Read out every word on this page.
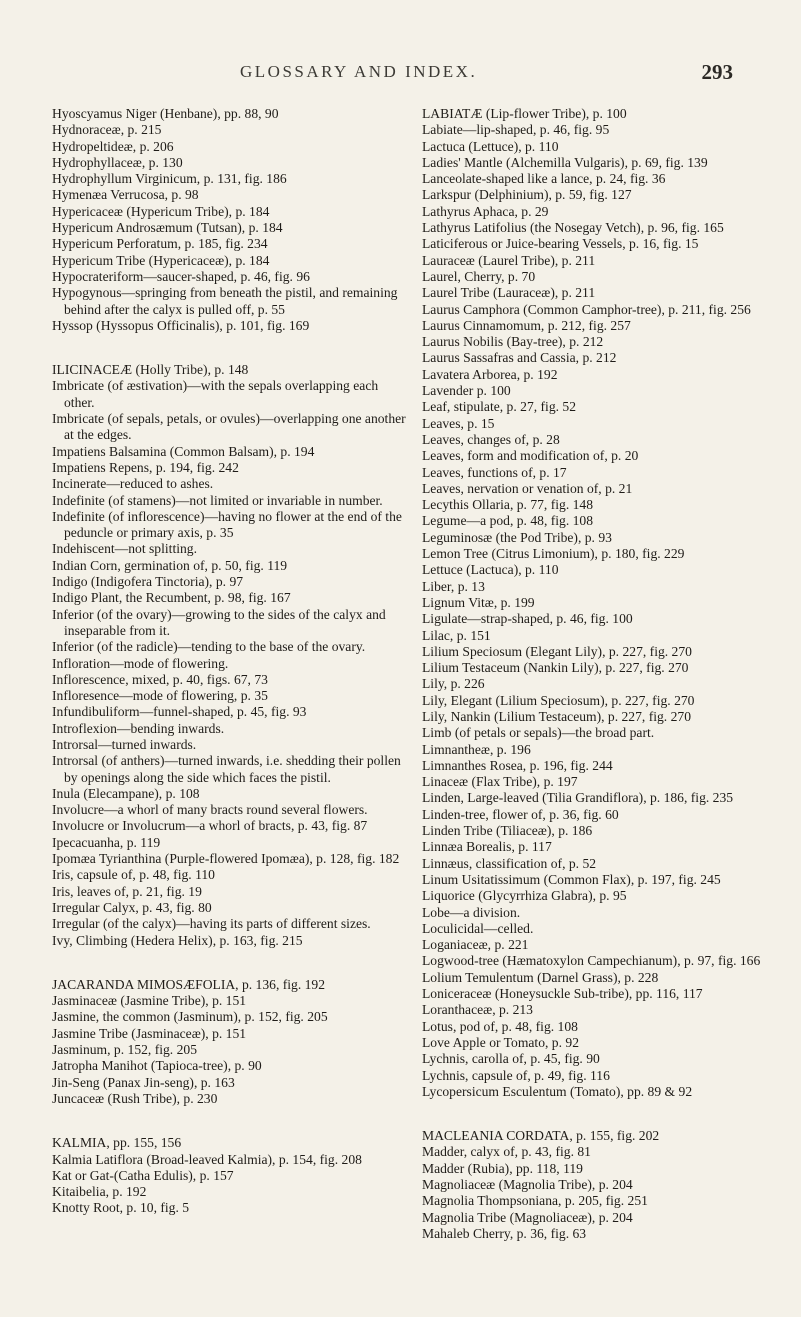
GLOSSARY AND INDEX.	293

Hyoscyamus Niger (Henbane), pp. 88, 90

Hydnoraceæ, p. 215

Hydropeltideæ, p. 206

Hydrophyllaceæ, p. 130

Hydrophyllum Virginicum, p. 131, fig. 186

Hymenæa Verrucosa, p. 98

Hypericaceæ (Hypericum Tribe), p. 184

Hypericum Androsæmum (Tutsan), p. 184

Hypericum Perforatum, p. 185, fig. 234

Hypericum Tribe (Hypericaceæ), p. 184

Hypocrateriform—saucer-shaped, p. 46, fig. 96

Hypogynous—springing from beneath the pistil, and remaining behind after the calyx is pulled off, p. 55

Hyssop (Hyssopus Officinalis), p. 101, fig. 169

ILICINACEÆ (Holly Tribe), p. 148

Imbricate (of æstivation)—with the sepals overlapping each other.

Imbricate (of sepals, petals, or ovules)—overlapping one another at the edges.

Impatiens Balsamina (Common Balsam), p. 194

Impatiens Repens, p. 194, fig. 242

Incinerate—reduced to ashes.

Indefinite (of stamens)—not limited or invariable in number.

Indefinite (of inflorescence)—having no flower at the end of the peduncle or primary axis, p. 35

Indehiscent—not splitting.

Indian Corn, germination of, p. 50, fig. 119

Indigo (Indigofera Tinctoria), p. 97

Indigo Plant, the Recumbent, p. 98, fig. 167

Inferior (of the ovary)—growing to the sides of the calyx and inseparable from it.

Inferior (of the radicle)—tending to the base of the ovary.

Infloration—mode of flowering.

Inflorescence, mixed, p. 40, figs. 67, 73

Infloresence—mode of flowering, p. 35

Infundibuliform—funnel-shaped, p. 45, fig. 93

Introflexion—bending inwards.

Introrsal—turned inwards.

Introrsal (of anthers)—turned inwards, i.e. shedding their pollen by openings along the side which faces the pistil.

Inula (Elecampane), p. 108

Involucre—a whorl of many bracts round several flowers.

Involucre or Involucrum—a whorl of bracts, p. 43, fig. 87

Ipecacuanha, p. 119

Ipomæa Tyrianthina (Purple-flowered Ipomæa), p. 128, fig. 182

Iris, capsule of, p. 48, fig. 110

Iris, leaves of, p. 21, fig. 19

Irregular Calyx, p. 43, fig. 80

Irregular (of the calyx)—having its parts of different sizes.

Ivy, Climbing (Hedera Helix), p. 163, fig. 215

JACARANDA MIMOSÆFOLIA, p. 136, fig. 192

Jasminaceæ (Jasmine Tribe), p. 151

Jasmine, the common (Jasminum), p. 152, fig. 205

Jasmine Tribe (Jasminaceæ), p. 151

Jasminum, p. 152, fig. 205

Jatropha Manihot (Tapioca-tree), p. 90

Jin-Seng (Panax Jin-seng), p. 163

Juncaceæ (Rush Tribe), p. 230

KALMIA, pp. 155, 156

Kalmia Latiflora (Broad-leaved Kalmia), p. 154, fig. 208

Kat or Gat-(Catha Edulis), p. 157

Kitaibelia, p. 192

Knotty Root, p. 10, fig. 5

LABIATÆ (Lip-flower Tribe), p. 100

Labiate—lip-shaped, p. 46, fig. 95

Lactuca (Lettuce), p. 110

Ladies' Mantle (Alchemilla Vulgaris), p. 69, fig. 139

Lanceolate-shaped like a lance, p. 24, fig. 36

Larkspur (Delphinium), p. 59, fig. 127

Lathyrus Aphaca, p. 29

Lathyrus Latifolius (the Nosegay Vetch), p. 96, fig. 165

Laticiferous or Juice-bearing Vessels, p. 16, fig. 15

Lauraceæ (Laurel Tribe), p. 211

Laurel, Cherry, p. 70

Laurel Tribe (Lauraceæ), p. 211

Laurus Camphora (Common Camphor-tree), p. 211, fig. 256

Laurus Cinnamomum, p. 212, fig. 257

Laurus Nobilis (Bay-tree), p. 212

Laurus Sassafras and Cassia, p. 212

Lavatera Arborea, p. 192

Lavender p. 100

Leaf, stipulate, p. 27, fig. 52

Leaves, p. 15

Leaves, changes of, p. 28

Leaves, form and modification of, p. 20

Leaves, functions of, p. 17

Leaves, nervation or venation of, p. 21

Lecythis Ollaria, p. 77, fig. 148

Legume—a pod, p. 48, fig. 108

Leguminosæ (the Pod Tribe), p. 93

Lemon Tree (Citrus Limonium), p. 180, fig. 229

Lettuce (Lactuca), p. 110

Liber, p. 13

Lignum Vitæ, p. 199

Ligulate—strap-shaped, p. 46, fig. 100

Lilac, p. 151

Lilium Speciosum (Elegant Lily), p. 227, fig. 270

Lilium Testaceum (Nankin Lily), p. 227, fig. 270

Lily, p. 226

Lily, Elegant (Lilium Speciosum), p. 227, fig. 270

Lily, Nankin (Lilium Testaceum), p. 227, fig. 270

Limb (of petals or sepals)—the broad part.

Limnantheæ, p. 196

Limnanthes Rosea, p. 196, fig. 244

Linaceæ (Flax Tribe), p. 197

Linden, Large-leaved (Tilia Grandiflora), p. 186, fig. 235

Linden-tree, flower of, p. 36, fig. 60

Linden Tribe (Tiliaceæ), p. 186

Linnæa Borealis, p. 117

Linnæus, classification of, p. 52

Linum Usitatissimum (Common Flax), p. 197, fig. 245

Liquorice (Glycyrrhiza Glabra), p. 95

Lobe—a division.

Loculicidal—celled.

Loganiaceæ, p. 221

Logwood-tree (Hæmatoxylon Campechianum), p. 97, fig. 166

Lolium Temulentum (Darnel Grass), p. 228

Loniceraceæ (Honeysuckle Sub-tribe), pp. 116, 117

Loranthaceæ, p. 213

Lotus, pod of, p. 48, fig. 108

Love Apple or Tomato, p. 92

Lychnis, carolla of, p. 45, fig. 90

Lychnis, capsule of, p. 49, fig. 116

Lycopersicum Esculentum (Tomato), pp. 89 & 92

MACLEANIA CORDATA, p. 155, fig. 202

Madder, calyx of, p. 43, fig. 81

Madder (Rubia), pp. 118, 119

Magnoliaceæ (Magnolia Tribe), p. 204

Magnolia Thompsoniana, p. 205, fig. 251

Magnolia Tribe (Magnoliaceæ), p. 204

Mahaleb Cherry, p. 36, fig. 63
